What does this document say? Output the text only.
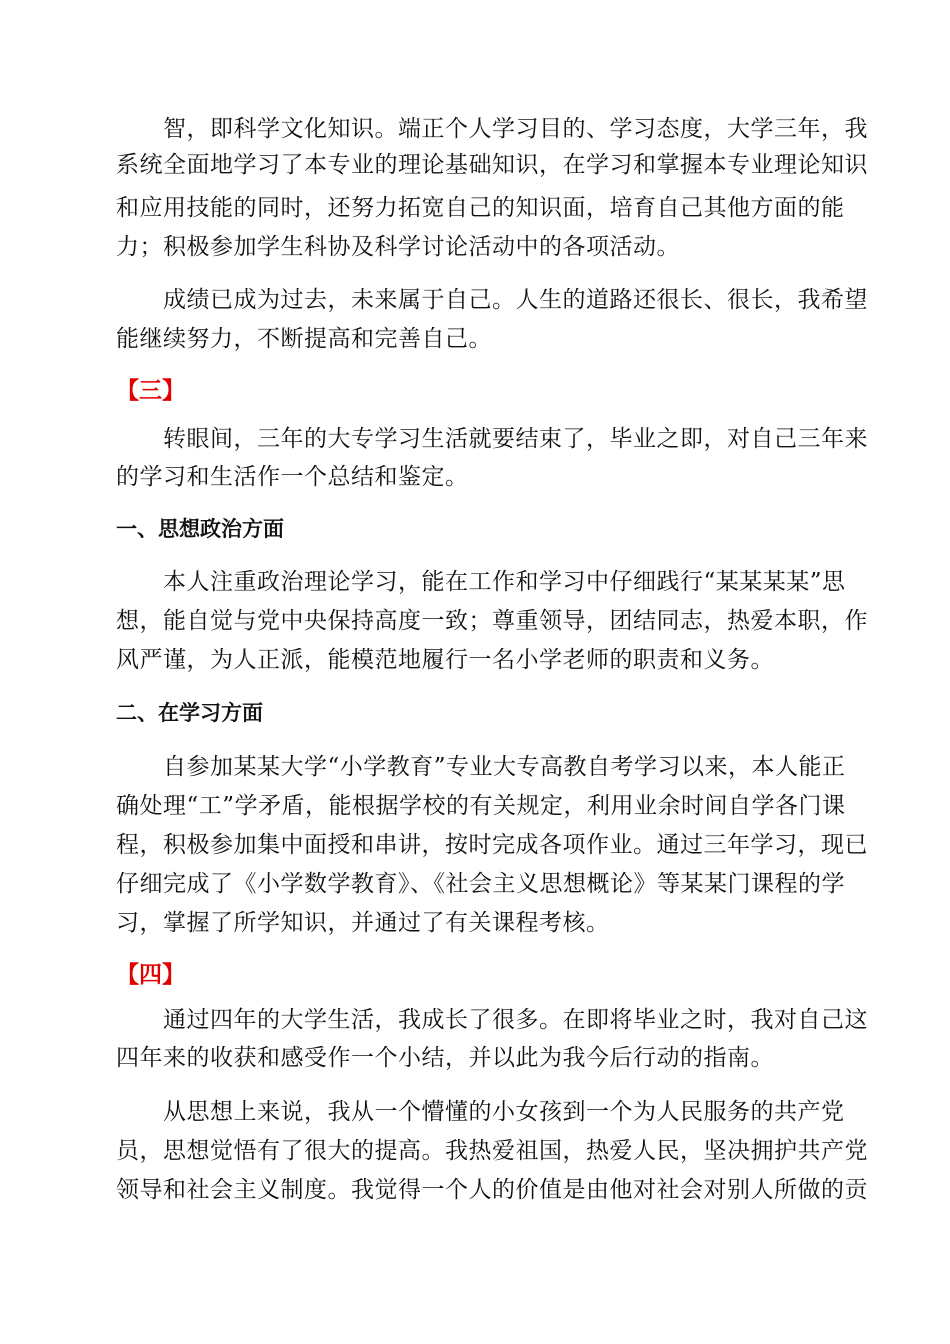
智，即科学文化知识。端正个人学习目的、学习态度，大学三年，我
系统全面地学习了本专业的理论基础知识，在学习和掌握本专业理论知识
和应用技能的同时，还努力拓宽自己的知识面，培育自己其他方面的能
力；积极参加学生科协及科学讨论活动中的各项活动。
成绩已成为过去，未来属于自己。人生的道路还很长、很长，我希望
能继续努力，不断提高和完善自己。
【三】
转眼间，三年的大专学习生活就要结束了，毕业之即，对自己三年来
的学习和生活作一个总结和鉴定。
一、思想政治方面
本人注重政治理论学习，能在工作和学习中仔细践行“某某某某”思
想，能自觉与党中央保持高度一致；尊重领导，团结同志，热爱本职，作
风严谨，为人正派，能模范地履行一名小学老师的职责和义务。
二、在学习方面
自参加某某大学“小学教育”专业大专高教自考学习以来，本人能正
确处理“工”学矛盾，能根据学校的有关规定，利用业余时间自学各门课
程，积极参加集中面授和串讲，按时完成各项作业。通过三年学习，现已
仔细完成了《小学数学教育》、《社会主义思想概论》等某某门课程的学
习，掌握了所学知识，并通过了有关课程考核。
【四】
通过四年的大学生活，我成长了很多。在即将毕业之时，我对自己这
四年来的收获和感受作一个小结，并以此为我今后行动的指南。
从思想上来说，我从一个懵懂的小女孩到一个为人民服务的共产党
员，思想觉悟有了很大的提高。我热爱祖国，热爱人民，坚决拥护共产党
领导和社会主义制度。我觉得一个人的价值是由他对社会对别人所做的贡
